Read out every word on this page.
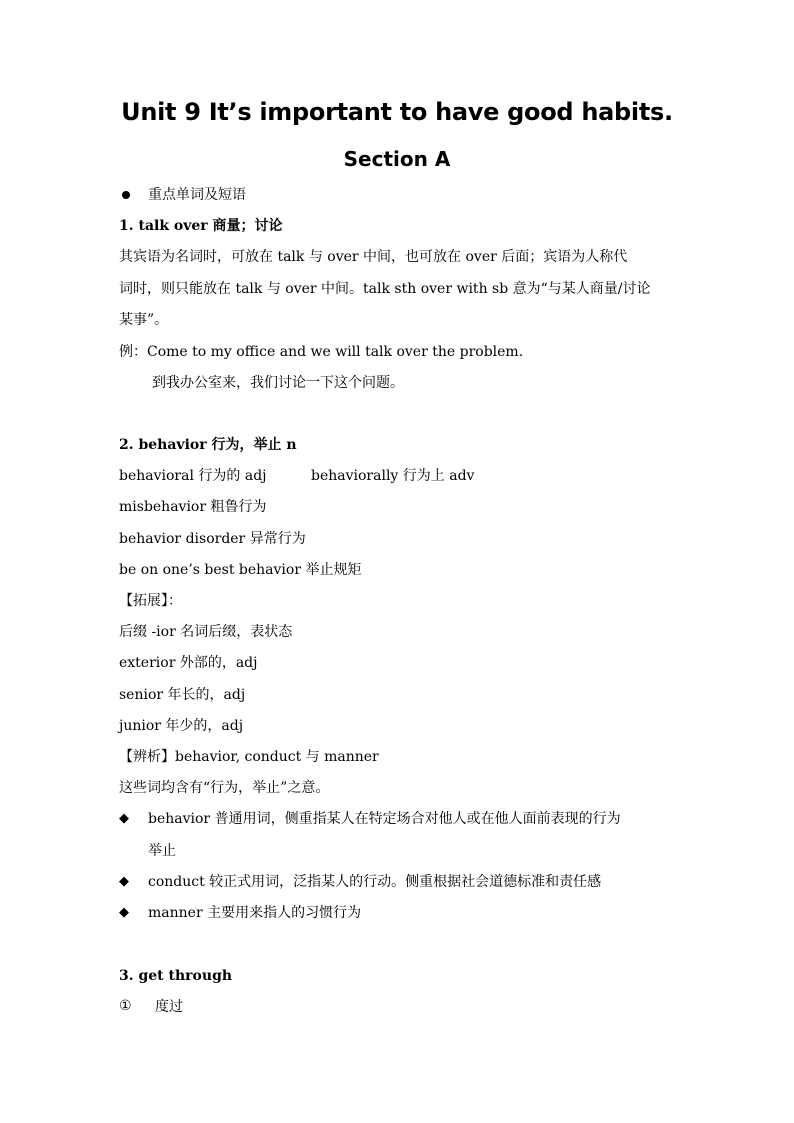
Unit 9 It’s important to have good habits.
Section A
重点单词及短语
1. talk over 商量；讨论
其宾语为名词时，可放在 talk 与 over 中间，也可放在 over 后面；宾语为人称代
词时，则只能放在 talk 与 over 中间。talk sth over with sb 意为“与某人商量/讨论
某事”。
例：Come to my office and we will talk over the problem.
到我办公室来，我们讨论一下这个问题。
2. behavior 行为，举止 n
behavioral 行为的 adj	behaviorally 行为上 adv
misbehavior 粗鲁行为
behavior disorder 异常行为
be on one’s best behavior 举止规矩
【拓展】：
后缀 -ior 名词后缀，表状态
exterior 外部的，adj
senior 年长的，adj
junior 年少的，adj
【辨析】behavior, conduct 与 manner
这些词均含有“行为，举止”之意。
◆ behavior 普通用词，侧重指某人在特定场合对他人或在他人面前表现的行为
举止
◆ conduct 较正式用词，泛指某人的行动。侧重根据社会道德标准和责任感
◆ manner 主要用来指人的习惯行为
3. get through
①	度过
